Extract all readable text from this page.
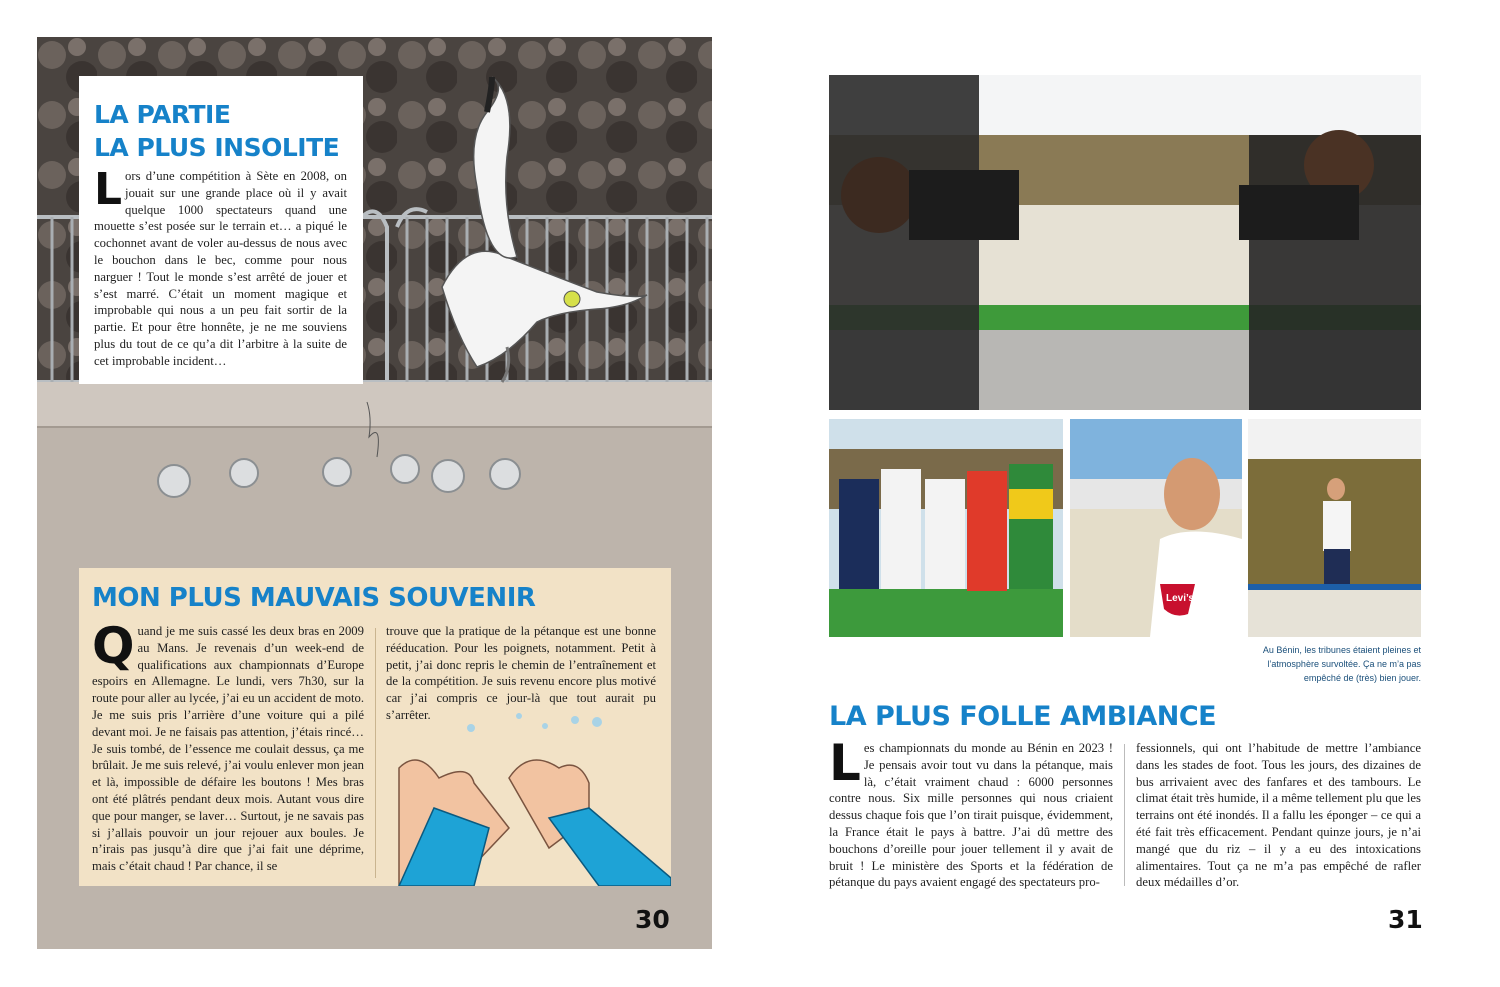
LA PARTIE
LA PLUS INSOLITE
Lors d’une compétition à Sète en 2008, on jouait sur une grande place où il y avait quelque 1000 spectateurs quand une mouette s’est posée sur le terrain et… a piqué le cochonnet avant de voler au-dessus de nous avec le bouchon dans le bec, comme pour nous narguer ! Tout le monde s’est arrêté de jouer et s’est marré. C’était un moment magique et improbable qui nous a un peu fait sortir de la partie. Et pour être honnête, je ne me souviens plus du tout de ce qu’a dit l’arbitre à la suite de cet improbable incident…
MON PLUS MAUVAIS SOUVENIR
Quand je me suis cassé les deux bras en 2009 au Mans. Je revenais d’un week-end de qualifications aux championnats d’Europe espoirs en Allemagne. Le lundi, vers 7h30, sur la route pour aller au lycée, j’ai eu un accident de moto. Je me suis pris l’arrière d’une voiture qui a pilé devant moi. Je ne faisais pas attention, j’étais rincé… Je suis tombé, de l’essence me coulait dessus, ça me brûlait. Je me suis relevé, j’ai voulu enlever mon jean et là, impossible de défaire les boutons ! Mes bras ont été plâtrés pendant deux mois. Autant vous dire que pour manger, se laver… Surtout, je ne savais pas si j’allais pouvoir un jour rejouer aux boules. Je n’irais pas jusqu’à dire que j’ai fait une déprime, mais c’était chaud ! Par chance, il se
trouve que la pratique de la pétanque est une bonne rééducation. Pour les poignets, notamment. Petit à petit, j’ai donc repris le chemin de l’entraînement et de la compétition. Je suis revenu encore plus motivé car j’ai compris ce jour-là que tout aurait pu s’arrêter.
30
Levi’s
Au Bénin, les tribunes étaient pleines et l’atmosphère survoltée. Ça ne m’a pas empêché de (très) bien jouer.
LA PLUS FOLLE AMBIANCE
Les championnats du monde au Bénin en 2023 ! Je pensais avoir tout vu dans la pétanque, mais là, c’était vraiment chaud : 6000 personnes contre nous. Six mille personnes qui nous criaient dessus chaque fois que l’on tirait puisque, évidemment, la France était le pays à battre. J’ai dû mettre des bouchons d’oreille pour jouer tellement il y avait de bruit ! Le ministère des Sports et la fédération de pétanque du pays avaient engagé des spectateurs pro-
fessionnels, qui ont l’habitude de mettre l’ambiance dans les stades de foot. Tous les jours, des dizaines de bus arrivaient avec des fanfares et des tambours. Le climat était très humide, il a même tellement plu que les terrains ont été inondés. Il a fallu les éponger – ce qui a été fait très efficacement. Pendant quinze jours, je n’ai mangé que du riz – il y a eu des intoxications alimentaires. Tout ça ne m’a pas empêché de rafler deux médailles d’or.
31
